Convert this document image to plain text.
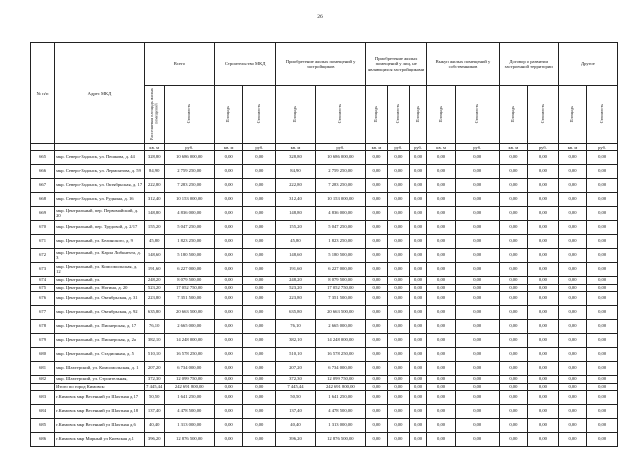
26
№ п/п	Адрес МКД	Всего		Строительство МКД		Приобретение жилых помещений у застройщиков		Приобретение жилых помещений у лиц, не являющихся застройщиками			Выкуп жилых помещений у собственников		Договор о развитии застроенной территории		Другое	
		Расселяемая площадь жилых помещений	Стоимость	Площадь	Стоимость	Площадь	Стоимость	Площадь	Стоимость	Площадь	Площадь	Стоимость	Площадь	Стоимость	Площадь	Стоимость
		кв. м	руб.	кв. м	руб.	кв. м	руб.	кв. м	руб.	руб.	кв. м	руб.	кв. м	руб.	кв. м	руб.
665	мкр. Северо-Задонск, ул. Пешкова, д. 44	328,80	10 686 000,00	0,00	0,00	328,80	10 686 000,00	0,00	0,00	0,00	0,00	0,00	0,00	0,00	0,00	0,00
666	мкр. Северо-Задонск, ул. Лермонтова, д. 59	84,90	2 759 250,00	0,00	0,00	84,90	2 759 250,00	0,00	0,00	0,00	0,00	0,00	0,00	0,00	0,00	0,00
667	мкр. Северо-Задонск, ул. Октябрьская, д. 17	222,80	7 283 250,00	0,00	0,00	222,80	7 283 250,00	0,00	0,00	0,00	0,00	0,00	0,00	0,00	0,00	0,00
668	мкр. Северо-Задонск, ул. Рудкина, д. 16	312,40	10 153 000,00	0,00	0,00	312,40	10 153 000,00	0,00	0,00	0,00	0,00	0,00	0,00	0,00	0,00	0,00
669	мкр. Центральный, пер. Первомайский, д. 20	148,80	4 836 000,00	0,00	0,00	148,80	4 836 000,00	0,00	0,00	0,00	0,00	0,00	0,00	0,00	0,00	0,00
670	мкр. Центральный, пер. Трудовой, д. 2/17	155,20	5 047 250,00	0,00	0,00	155,20	5 047 250,00	0,00	0,00	0,00	0,00	0,00	0,00	0,00	0,00	0,00
671	мкр. Центральный, ул. Белинского, д. 9	45,80	1 823 250,00	0,00	0,00	45,80	1 823 250,00	0,00	0,00	0,00	0,00	0,00	0,00	0,00	0,00	0,00
672	мкр. Центральный, ул. Карла Либкнехта, д. 3	148,60	5 180 500,00	0,00	0,00	148,60	5 180 500,00	0,00	0,00	0,00	0,00	0,00	0,00	0,00	0,00	0,00
673	мкр. Центральный, ул. Комсомольская, д. 12	191,60	6 227 000,00	0,00	0,00	191,60	6 227 000,00	0,00	0,00	0,00	0,00	0,00	0,00	0,00	0,00	0,00
674	мкр. Центральный, ул.	248,20	8 079 500,00	0,00	0,00	248,20	8 079 500,00	0,00	0,00	0,00	0,00	0,00	0,00	0,00	0,00	0,00
675	мкр. Центральный, ул. Ногина, д. 20	523,20	17 052 750,00	0,00	0,00	523,20	17 052 750,00	0,00	0,00	0,00	0,00	0,00	0,00	0,00	0,00	0,00
676	мкр. Центральный, ул. Октябрьская, д. 31	223,80	7 351 500,00	0,00	0,00	223,80	7 351 500,00	0,00	0,00	0,00	0,00	0,00	0,00	0,00	0,00	0,00
677	мкр. Центральный, ул. Октябрьская, д. 92	635,80	20 663 500,00	0,00	0,00	635,80	20 663 500,00	0,00	0,00	0,00	0,00	0,00	0,00	0,00	0,00	0,00
678	мкр. Центральный, ул. Пионерская, д. 17	76,10	2 665 000,00	0,00	0,00	76,10	2 665 000,00	0,00	0,00	0,00	0,00	0,00	0,00	0,00	0,00	0,00
679	мкр. Центральный, ул. Пионерская, д. 2а	382,10	14 248 000,00	0,00	0,00	382,10	14 248 000,00	0,00	0,00	0,00	0,00	0,00	0,00	0,00	0,00	0,00
680	мкр. Центральный, ул. Стадионная, д. 5	510,10	16 578 250,00	0,00	0,00	510,10	16 578 250,00	0,00	0,00	0,00	0,00	0,00	0,00	0,00	0,00	0,00
681	мкр. Шахтерский, ул. Комсомольская, д. 1	207,20	6 734 000,00	0,00	0,00	207,20	6 734 000,00	0,00	0,00	0,00	0,00	0,00	0,00	0,00	0,00	0,00
682	мкр. Шахтерский, ул. Строительная,	372,30	12 099 750,00	0,00	0,00	372,30	12 099 750,00	0,00	0,00	0,00	0,00	0,00	0,00	0,00	0,00	0,00
	Итого по город Кимовск:	7 445,44	242 691 800,00	0,00	0,00	7 445,44	242 691 800,00	0,00	0,00	0,00	0,00	0,00	0,00	0,00	0,00	0,00
683	г.Кимовск мкр Весенний ул Шахтная д.17	50,50	1 641 250,00	0,00	0,00	50,50	1 641 250,00	0,00	0,00	0,00	0,00	0,00	0,00	0,00	0,00	0,00
684	г.Кимовск мкр Весенний ул Шахтная д.18	137,40	4 478 500,00	0,00	0,00	137,40	4 478 500,00	0,00	0,00	0,00	0,00	0,00	0,00	0,00	0,00	0,00
685	г.Кимовск мкр Весенний ул Шахтная д.6	40,40	1 313 000,00	0,00	0,00	40,40	1 313 000,00	0,00	0,00	0,00	0,00	0,00	0,00	0,00	0,00	0,00
686	г.Кимовск мкр Мирный ул Киевская д.1	396,20	12 876 500,00	0,00	0,00	396,20	12 876 500,00	0,00	0,00	0,00	0,00	0,00	0,00	0,00	0,00	0,00
